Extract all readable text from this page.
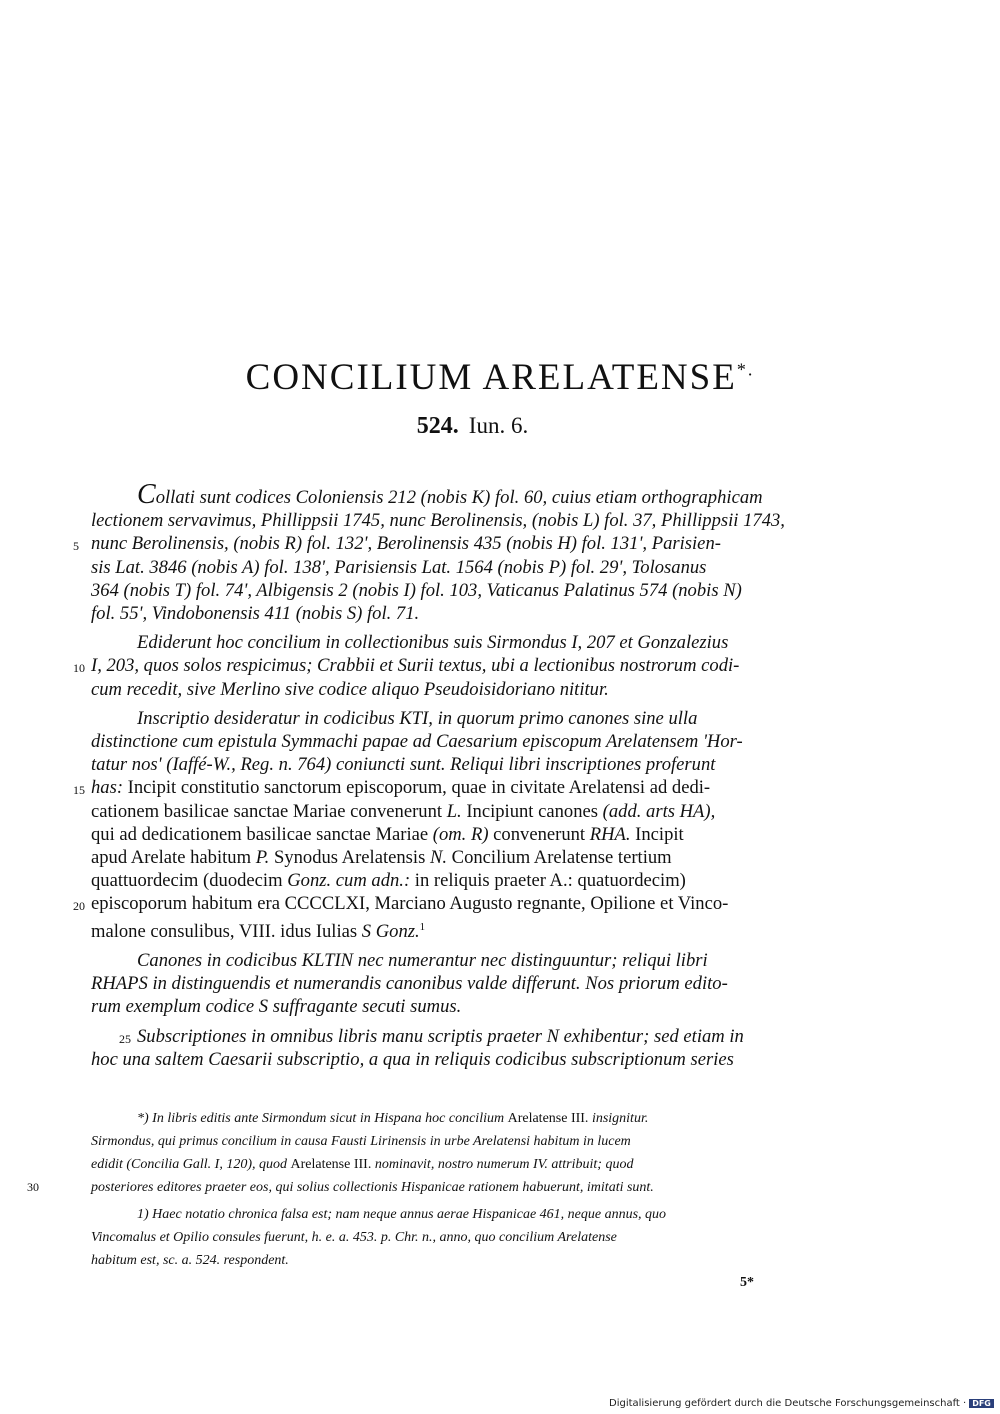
CONCILIUM ARELATENSE*.

524. Iun. 6.

Collati sunt codices Coloniensis 212 (nobis K) fol. 60, cuius etiam orthographicam
lectionem servavimus, Phillippsii 1745, nunc Berolinensis, (nobis L) fol. 37, Phillippsii 1743,
5 nunc Berolinensis, (nobis R) fol. 132', Berolinensis 435 (nobis H) fol. 131', Parisien-
sis Lat. 3846 (nobis A) fol. 138', Parisiensis Lat. 1564 (nobis P) fol. 29', Tolosanus
364 (nobis T) fol. 74', Albigensis 2 (nobis I) fol. 103, Vaticanus Palatinus 574 (nobis N)
fol. 55', Vindobonensis 411 (nobis S) fol. 71.

Ediderunt hoc concilium in collectionibus suis Sirmondus I, 207 et Gonzalezius
10 I, 203, quos solos respicimus; Crabbii et Surii textus, ubi a lectionibus nostrorum codi-
cum recedit, sive Merlino sive codice aliquo Pseudoisidoriano nititur.

Inscriptio desideratur in codicibus KTI, in quorum primo canones sine ulla
distinctione cum epistula Symmachi papae ad Caesarium episcopum Arelatensem 'Hor-
tatur nos' (Iaffé-W., Reg. n. 764) coniuncti sunt. Reliqui libri inscriptiones proferunt
15 has: Incipit constitutio sanctorum episcoporum, quae in civitate Arelatensi ad dedi-
cationem basilicae sanctae Mariae convenerunt L. Incipiunt canones (add. arts HA),
qui ad dedicationem basilicae sanctae Mariae (om. R) convenerunt RHA. Incipit
apud Arelate habitum P. Synodus Arelatensis N. Concilium Arelatense tertium
quattuordecim (duodecim Gonz. cum adn.: in reliquis praeter A.: quatuordecim)
20 episcoporum habitum era CCCCLXI, Marciano Augusto regnante, Opilione et Vinco-
malone consulibus, VIII. idus Iulias S Gonz.$^1$

Canones in codicibus KLTIN nec numerantur nec distinguuntur; reliqui libri
RHAPS in distinguendis et numerandis canonibus valde differunt. Nos priorum edito-
rum exemplum codice S suffragante secuti sumus.

25 Subscriptiones in omnibus libris manu scriptis praeter N exhibentur; sed etiam in
hoc una saltem Caesarii subscriptio, a qua in reliquis codicibus subscriptionum series

*) In libris editis ante Sirmondum sicut in Hispana hoc concilium Arelatense III. insignitur.
Sirmondus, qui primus concilium in causa Fausti Lirinensis in urbe Arelatensi habitum in lucem
edidit (Concilia Gall. I, 120), quod Arelatense III. nominavit, nostro numerum IV. attribuit; quod
30	posteriores editores praeter eos, qui solius collectionis Hispanicae rationem habuerunt, imitati sunt.

1) Haec notatio chronica falsa est; nam neque annus aerae Hispanicae 461, neque annus, quo
Vincomalus et Opilio consules fuerunt, h. e. a. 453. p. Chr. n., anno, quo concilium Arelatense
habitum est, sc. a. 524. respondent.

5*
Digitalisierung gefördert durch die Deutsche Forschungsgemeinschaft · DFG
